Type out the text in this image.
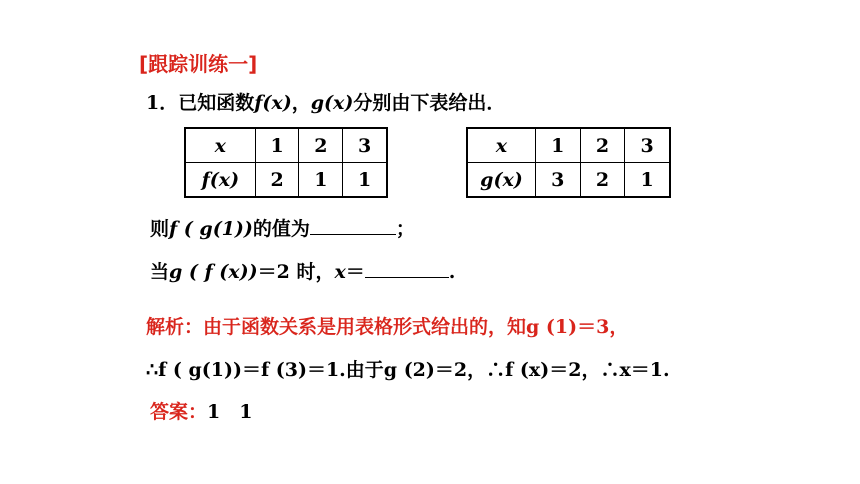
[跟踪训练一]
1．已知函数f(x)，g(x)分别由下表给出．
x	1	2	3
f(x)	2	1	1
x	1	2	3
g(x)	3	2	1
则f ( g(1))的值为	；
当g ( f (x))＝2 时，x＝	.
解析：由于函数关系是用表格形式给出的，知g (1)＝3，
∴f ( g(1))＝f (3)＝1.由于g (2)＝2，∴f (x)＝2，∴x＝1.
答案：1　1
